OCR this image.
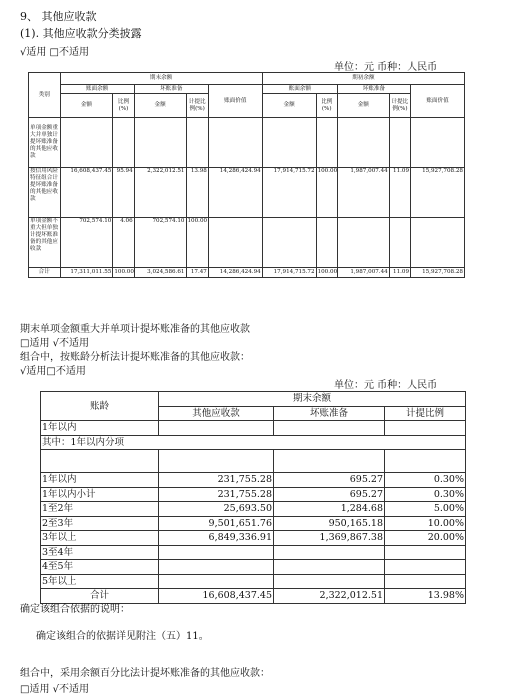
9、 其他应收款
(1). 其他应收款分类披露
√适用 □不适用
单位：元 币种：人民币
类别	期末余额					期初余额				
	账面余额		坏账准备		账面价值	账面余额		坏账准备		账面价值
	金额	比例(%)	金额	计提比例(%)		金额	比例(%)	金额	计提比例(%)	
单项金额重大并单独计提坏账准备的其他应收款										
按信用风险特征组合计提坏账准备的其他应收款	16,608,437.45	95.94	2,322,012.51	13.98	14,286,424.94	17,914,715.72	100.00	1,987,007.44	11.09	15,927,708.28
单项金额不重大但单独计提坏账准备的其他应收款	702,574.10	4.06	702,574.10	100.00						
合计	17,311,011.55	100.00	3,024,586.61	17.47	14,286,424.94	17,914,715.72	100.00	1,987,007.44	11.09	15,927,708.28
期末单项金额重大并单项计提坏账准备的其他应收款
□适用 √不适用
组合中，按账龄分析法计提坏账准备的其他应收款：
√适用□不适用
单位：元 币种：人民币
账龄	期末余额		
	其他应收款	坏账准备	计提比例
1年以内			
其中：1年以内分项			

1年以内	231,755.28	695.27	0.30%
1年以内小计	231,755.28	695.27	0.30%
1至2年	25,693.50	1,284.68	5.00%
2至3年	9,501,651.76	950,165.18	10.00%
3年以上	6,849,336.91	1,369,867.38	20.00%
3至4年			
4至5年			
5年以上			
合计	16,608,437.45	2,322,012.51	13.98%
确定该组合依据的说明：
确定该组合的依据详见附注（五）11。
组合中，采用余额百分比法计提坏账准备的其他应收款：
□适用 √不适用
